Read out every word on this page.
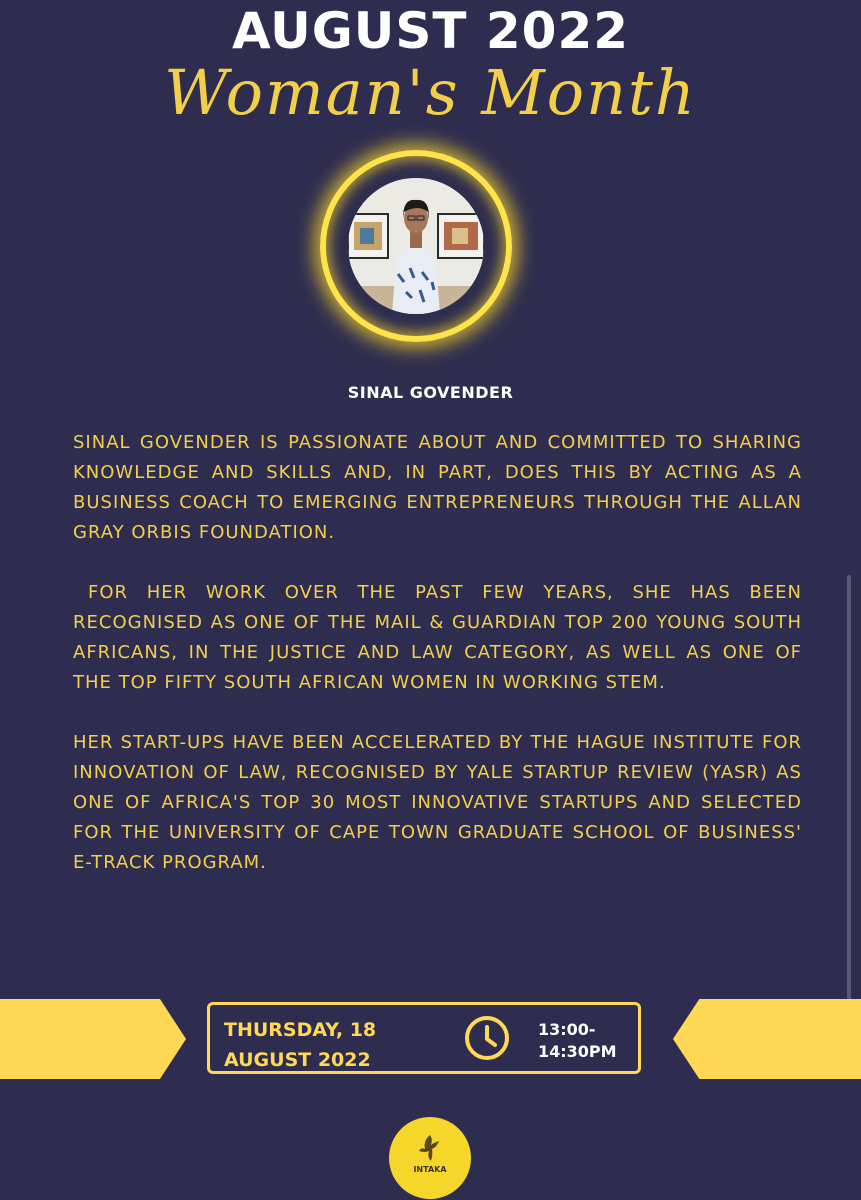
AUGUST 2022
Woman's Month
SINAL GOVENDER

SINAL GOVENDER IS PASSIONATE ABOUT AND COMMITTED TO SHARING KNOWLEDGE AND SKILLS AND, IN PART, DOES THIS BY ACTING AS A BUSINESS COACH TO EMERGING ENTREPRENEURS THROUGH THE ALLAN GRAY ORBIS FOUNDATION.

FOR HER WORK OVER THE PAST FEW YEARS, SHE HAS BEEN RECOGNISED AS ONE OF THE MAIL & GUARDIAN TOP 200 YOUNG SOUTH AFRICANS, IN THE JUSTICE AND LAW CATEGORY, AS WELL AS ONE OF THE TOP FIFTY SOUTH AFRICAN WOMEN IN WORKING STEM.

HER START-UPS HAVE BEEN ACCELERATED BY THE HAGUE INSTITUTE FOR INNOVATION OF LAW, RECOGNISED BY YALE STARTUP REVIEW (YASR) AS ONE OF AFRICA'S TOP 30 MOST INNOVATIVE STARTUPS AND SELECTED FOR THE UNIVERSITY OF CAPE TOWN GRADUATE SCHOOL OF BUSINESS' E-TRACK PROGRAM.

THURSDAY, 18
AUGUST 2022
13:00-
14:30PM
INTAKA
